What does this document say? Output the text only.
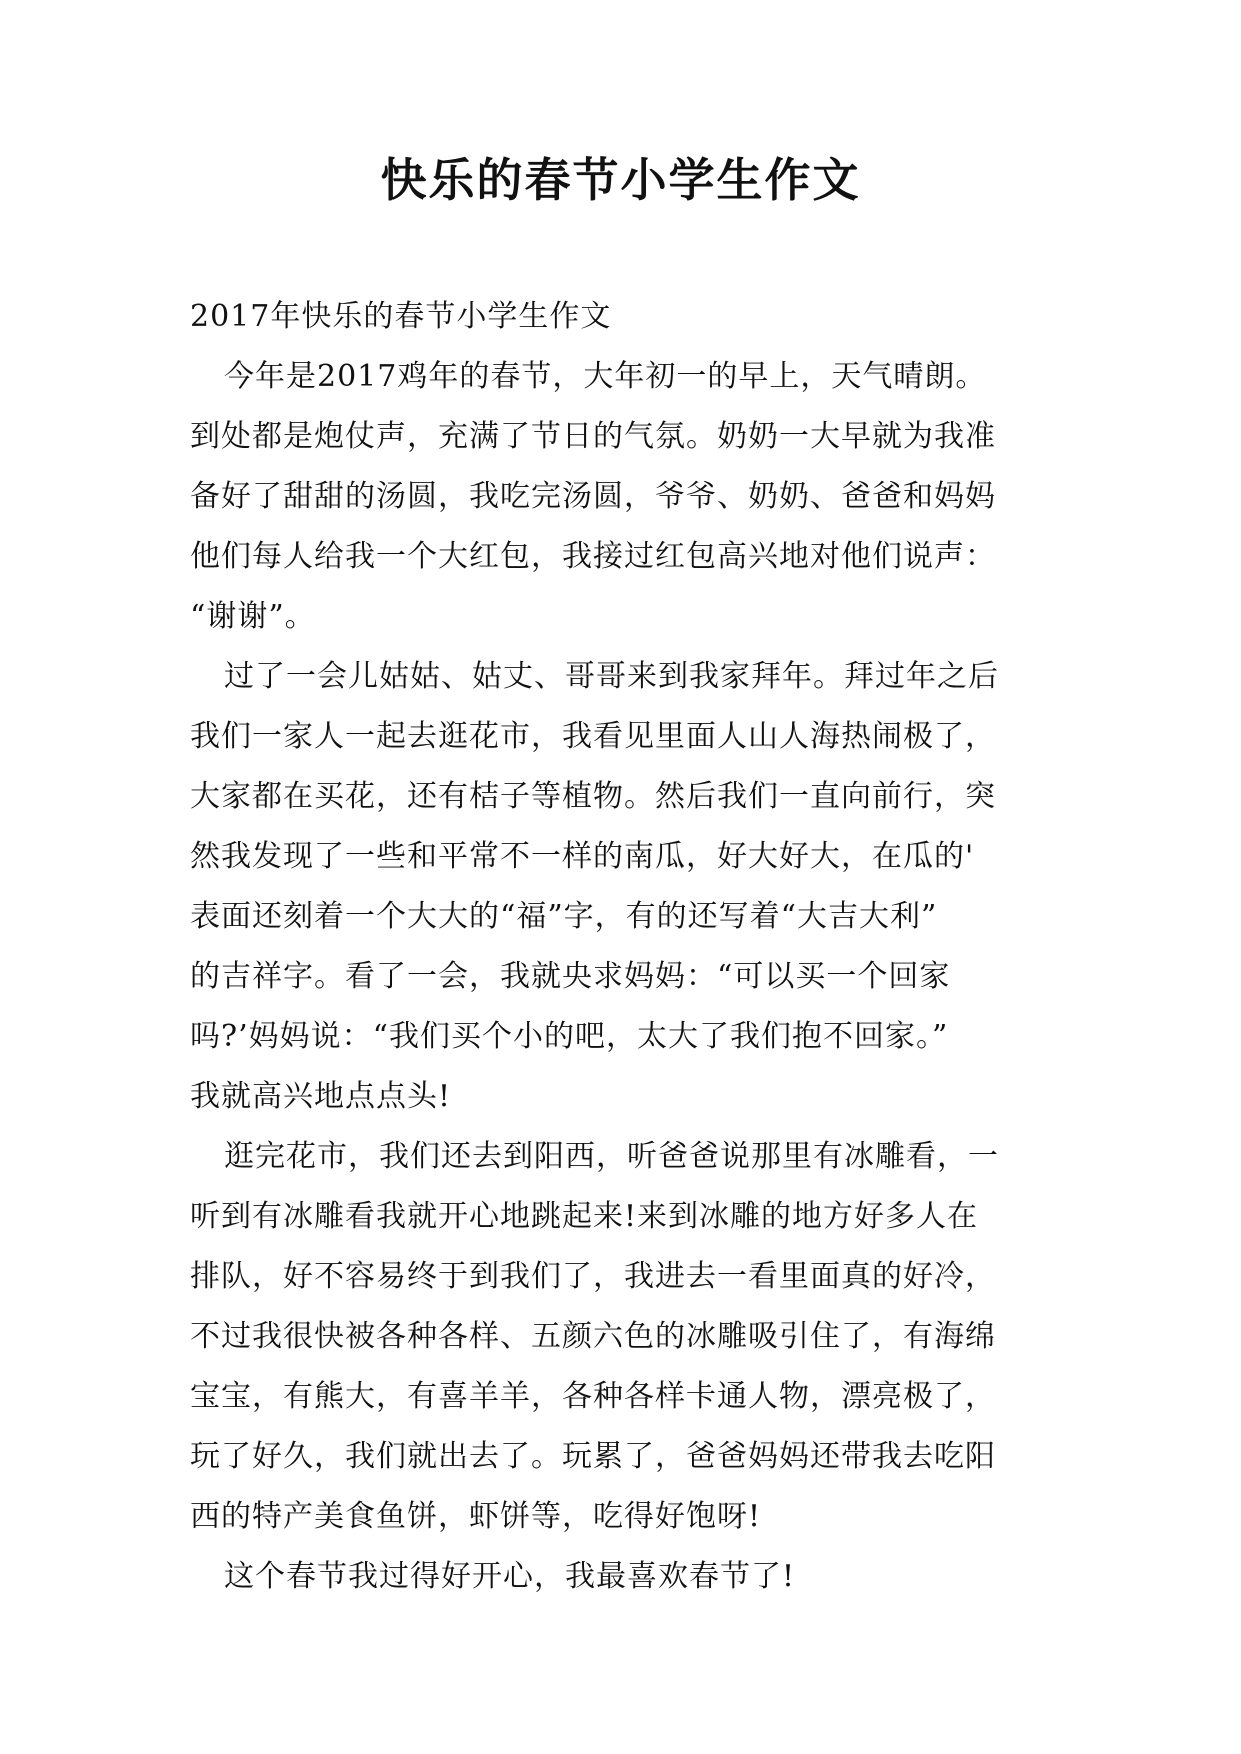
快乐的春节小学生作文
2017年快乐的春节小学生作文
今年是2017鸡年的春节，大年初一的早上，天气晴朗。
到处都是炮仗声，充满了节日的气氛。奶奶一大早就为我准
备好了甜甜的汤圆，我吃完汤圆，爷爷、奶奶、爸爸和妈妈
他们每人给我一个大红包，我接过红包高兴地对他们说声：
“谢谢”。
过了一会儿姑姑、姑丈、哥哥来到我家拜年。拜过年之后
我们一家人一起去逛花市，我看见里面人山人海热闹极了，
大家都在买花，还有桔子等植物。然后我们一直向前行，突
然我发现了一些和平常不一样的南瓜，好大好大，在瓜的'
表面还刻着一个大大的“福”字，有的还写着“大吉大利”
的吉祥字。看了一会，我就央求妈妈：“可以买一个回家
吗?’妈妈说：“我们买个小的吧，太大了我们抱不回家。”
我就高兴地点点头!
逛完花市，我们还去到阳西，听爸爸说那里有冰雕看，一
听到有冰雕看我就开心地跳起来!来到冰雕的地方好多人在
排队，好不容易终于到我们了，我进去一看里面真的好冷，
不过我很快被各种各样、五颜六色的冰雕吸引住了，有海绵
宝宝，有熊大，有喜羊羊，各种各样卡通人物，漂亮极了，
玩了好久，我们就出去了。玩累了，爸爸妈妈还带我去吃阳
西的特产美食鱼饼，虾饼等，吃得好饱呀!
这个春节我过得好开心，我最喜欢春节了!
